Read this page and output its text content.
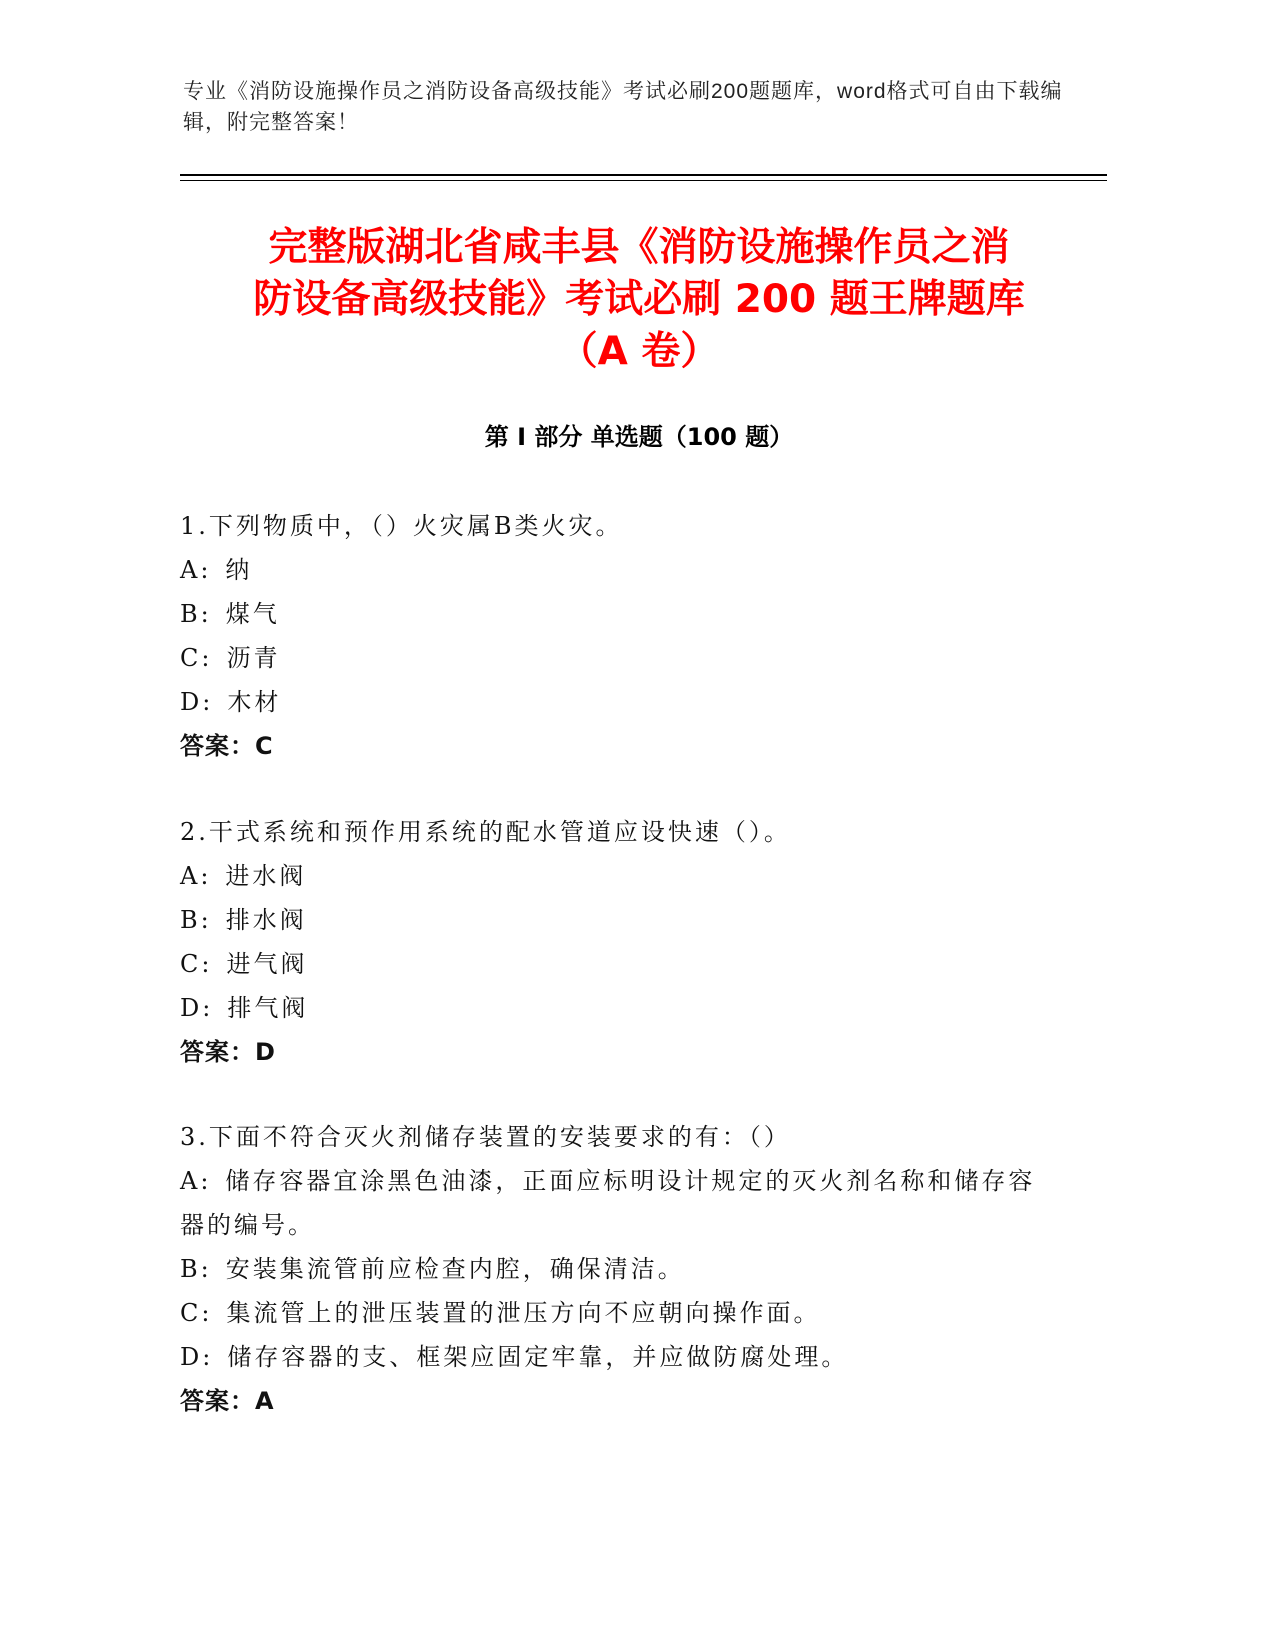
专业《消防设施操作员之消防设备高级技能》考试必刷200题题库，word格式可自由下载编辑，附完整答案！
完整版湖北省咸丰县《消防设施操作员之消
防设备高级技能》考试必刷 200 题王牌题库
（A 卷）
第 I 部分 单选题（100 题）
1.下列物质中，（）火灾属B类火灾。
A: 纳
B: 煤气
C: 沥青
D: 木材
答案：C
2.干式系统和预作用系统的配水管道应设快速（）。
A: 进水阀
B: 排水阀
C: 进气阀
D: 排气阀
答案：D
3.下面不符合灭火剂储存装置的安装要求的有：（）
A: 储存容器宜涂黑色油漆，正面应标明设计规定的灭火剂名称和储存容器的编号。
B: 安装集流管前应检查内腔，确保清洁。
C: 集流管上的泄压装置的泄压方向不应朝向操作面。
D: 储存容器的支、框架应固定牢靠，并应做防腐处理。
答案：A
